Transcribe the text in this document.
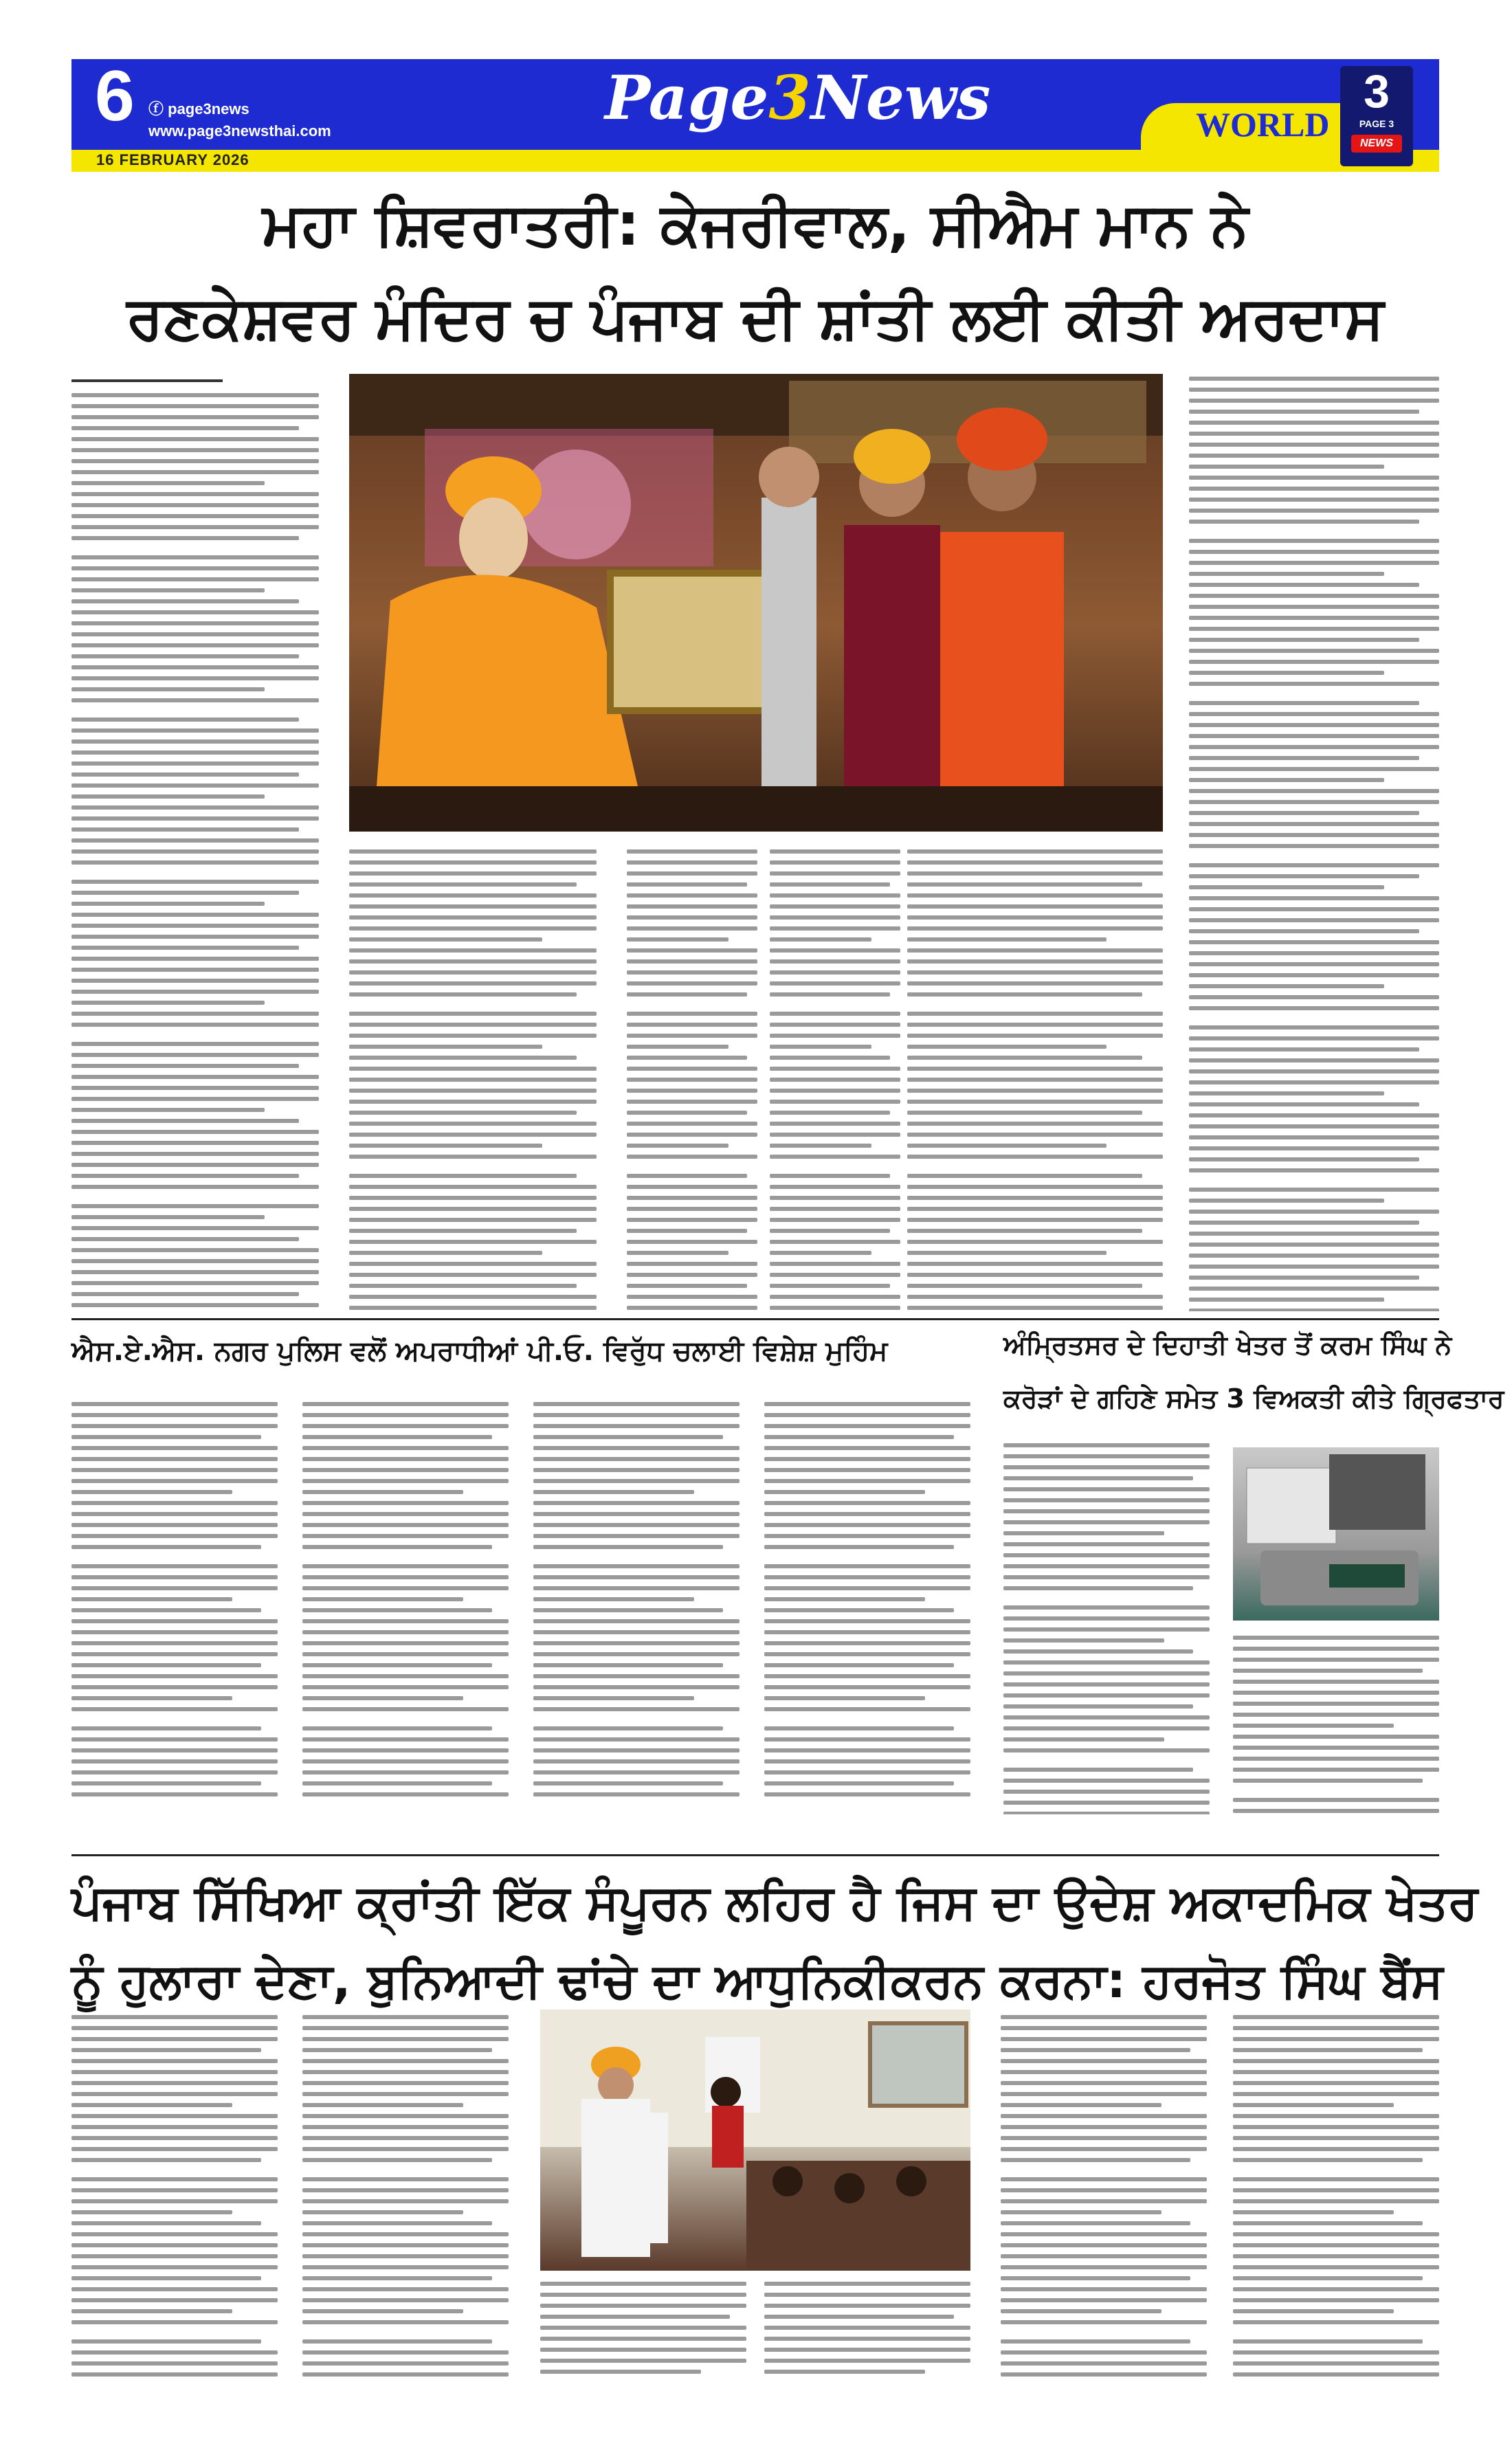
6 ⓕ page3news
www.page3newsthai.com
16 FEBRUARY 2026
Page3News	WORLD
3
PAGE 3
NEWS
ਮਹਾ ਸ਼ਿਵਰਾਤਰੀ: ਕੇਜਰੀਵਾਲ, ਸੀਐਮ ਮਾਨ ਨੇ
ਰਣਕੇਸ਼ਵਰ ਮੰਦਿਰ ਚ ਪੰਜਾਬ ਦੀ ਸ਼ਾਂਤੀ ਲਈ ਕੀਤੀ ਅਰਦਾਸ
ਐਸ.ਏ.ਐਸ. ਨਗਰ ਪੁਲਿਸ ਵਲੋਂ ਅਪਰਾਧੀਆਂ ਪੀ.ਓ. ਵਿਰੁੱਧ ਚਲਾਈ ਵਿਸ਼ੇਸ਼ ਮੁਹਿੰਮ	ਅੰਮ੍ਰਿਤਸਰ ਦੇ ਦਿਹਾਤੀ ਖੇਤਰ ਤੋਂ ਕਰਮ ਸਿੰਘ ਨੇ
ਕਰੋੜਾਂ ਦੇ ਗਹਿਣੇ ਸਮੇਤ 3 ਵਿਅਕਤੀ ਕੀਤੇ ਗ੍ਰਿਫਤਾਰ
ਪੰਜਾਬ ਸਿੱਖਿਆ ਕ੍ਰਾਂਤੀ ਇੱਕ ਸੰਪੂਰਨ ਲਹਿਰ ਹੈ ਜਿਸ ਦਾ ਉਦੇਸ਼ ਅਕਾਦਮਿਕ ਖੇਤਰ
ਨੂੰ ਹੁਲਾਰਾ ਦੇਣਾ, ਬੁਨਿਆਦੀ ਢਾਂਚੇ ਦਾ ਆਧੁਨਿਕੀਕਰਨ ਕਰਨਾ: ਹਰਜੋਤ ਸਿੰਘ ਬੈਂਸ
